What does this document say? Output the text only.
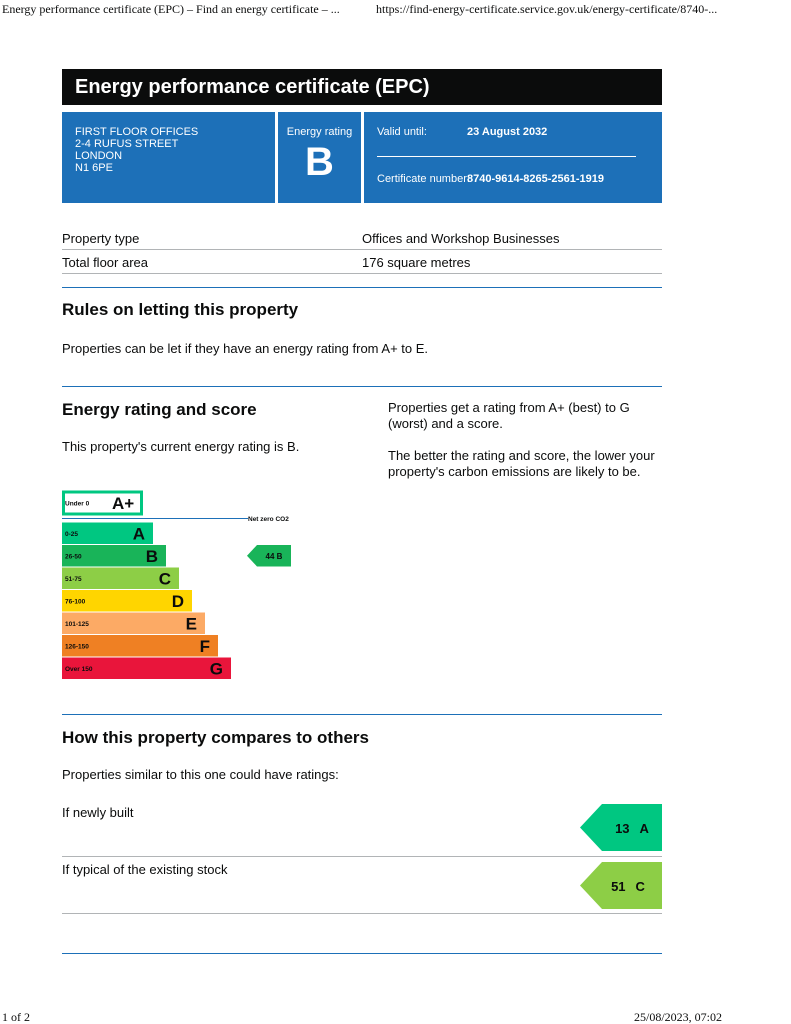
Energy performance certificate (EPC) – Find an energy certificate – ...	https://find-energy-certificate.service.gov.uk/energy-certificate/8740-...
Energy performance certificate (EPC)
FIRST FLOOR OFFICES
2-4 RUFUS STREET
LONDON
N1 6PE
Energy rating
B
Valid until:	23 August 2032
Certificate number:
8740-9614-8265-2561-1919
Property type	Offices and Workshop Businesses
Total floor area	176 square metres
Rules on letting this property
Properties can be let if they have an energy rating from A+ to E.
Energy rating and score
This property's current energy rating is B.
Properties get a rating from A+ (best) to G (worst) and a score.
The better the rating and score, the lower your property's carbon emissions are likely to be.
Under 0 A+
0-25	A
26-50	B
51-75	C
76-100	D
101-125	E
126-150	F
Over 150	G
Net zero CO2
44 B
How this property compares to others
Properties similar to this one could have ratings:
If newly built
13 A
If typical of the existing stock
51 C
1 of 2	25/08/2023, 07:02
